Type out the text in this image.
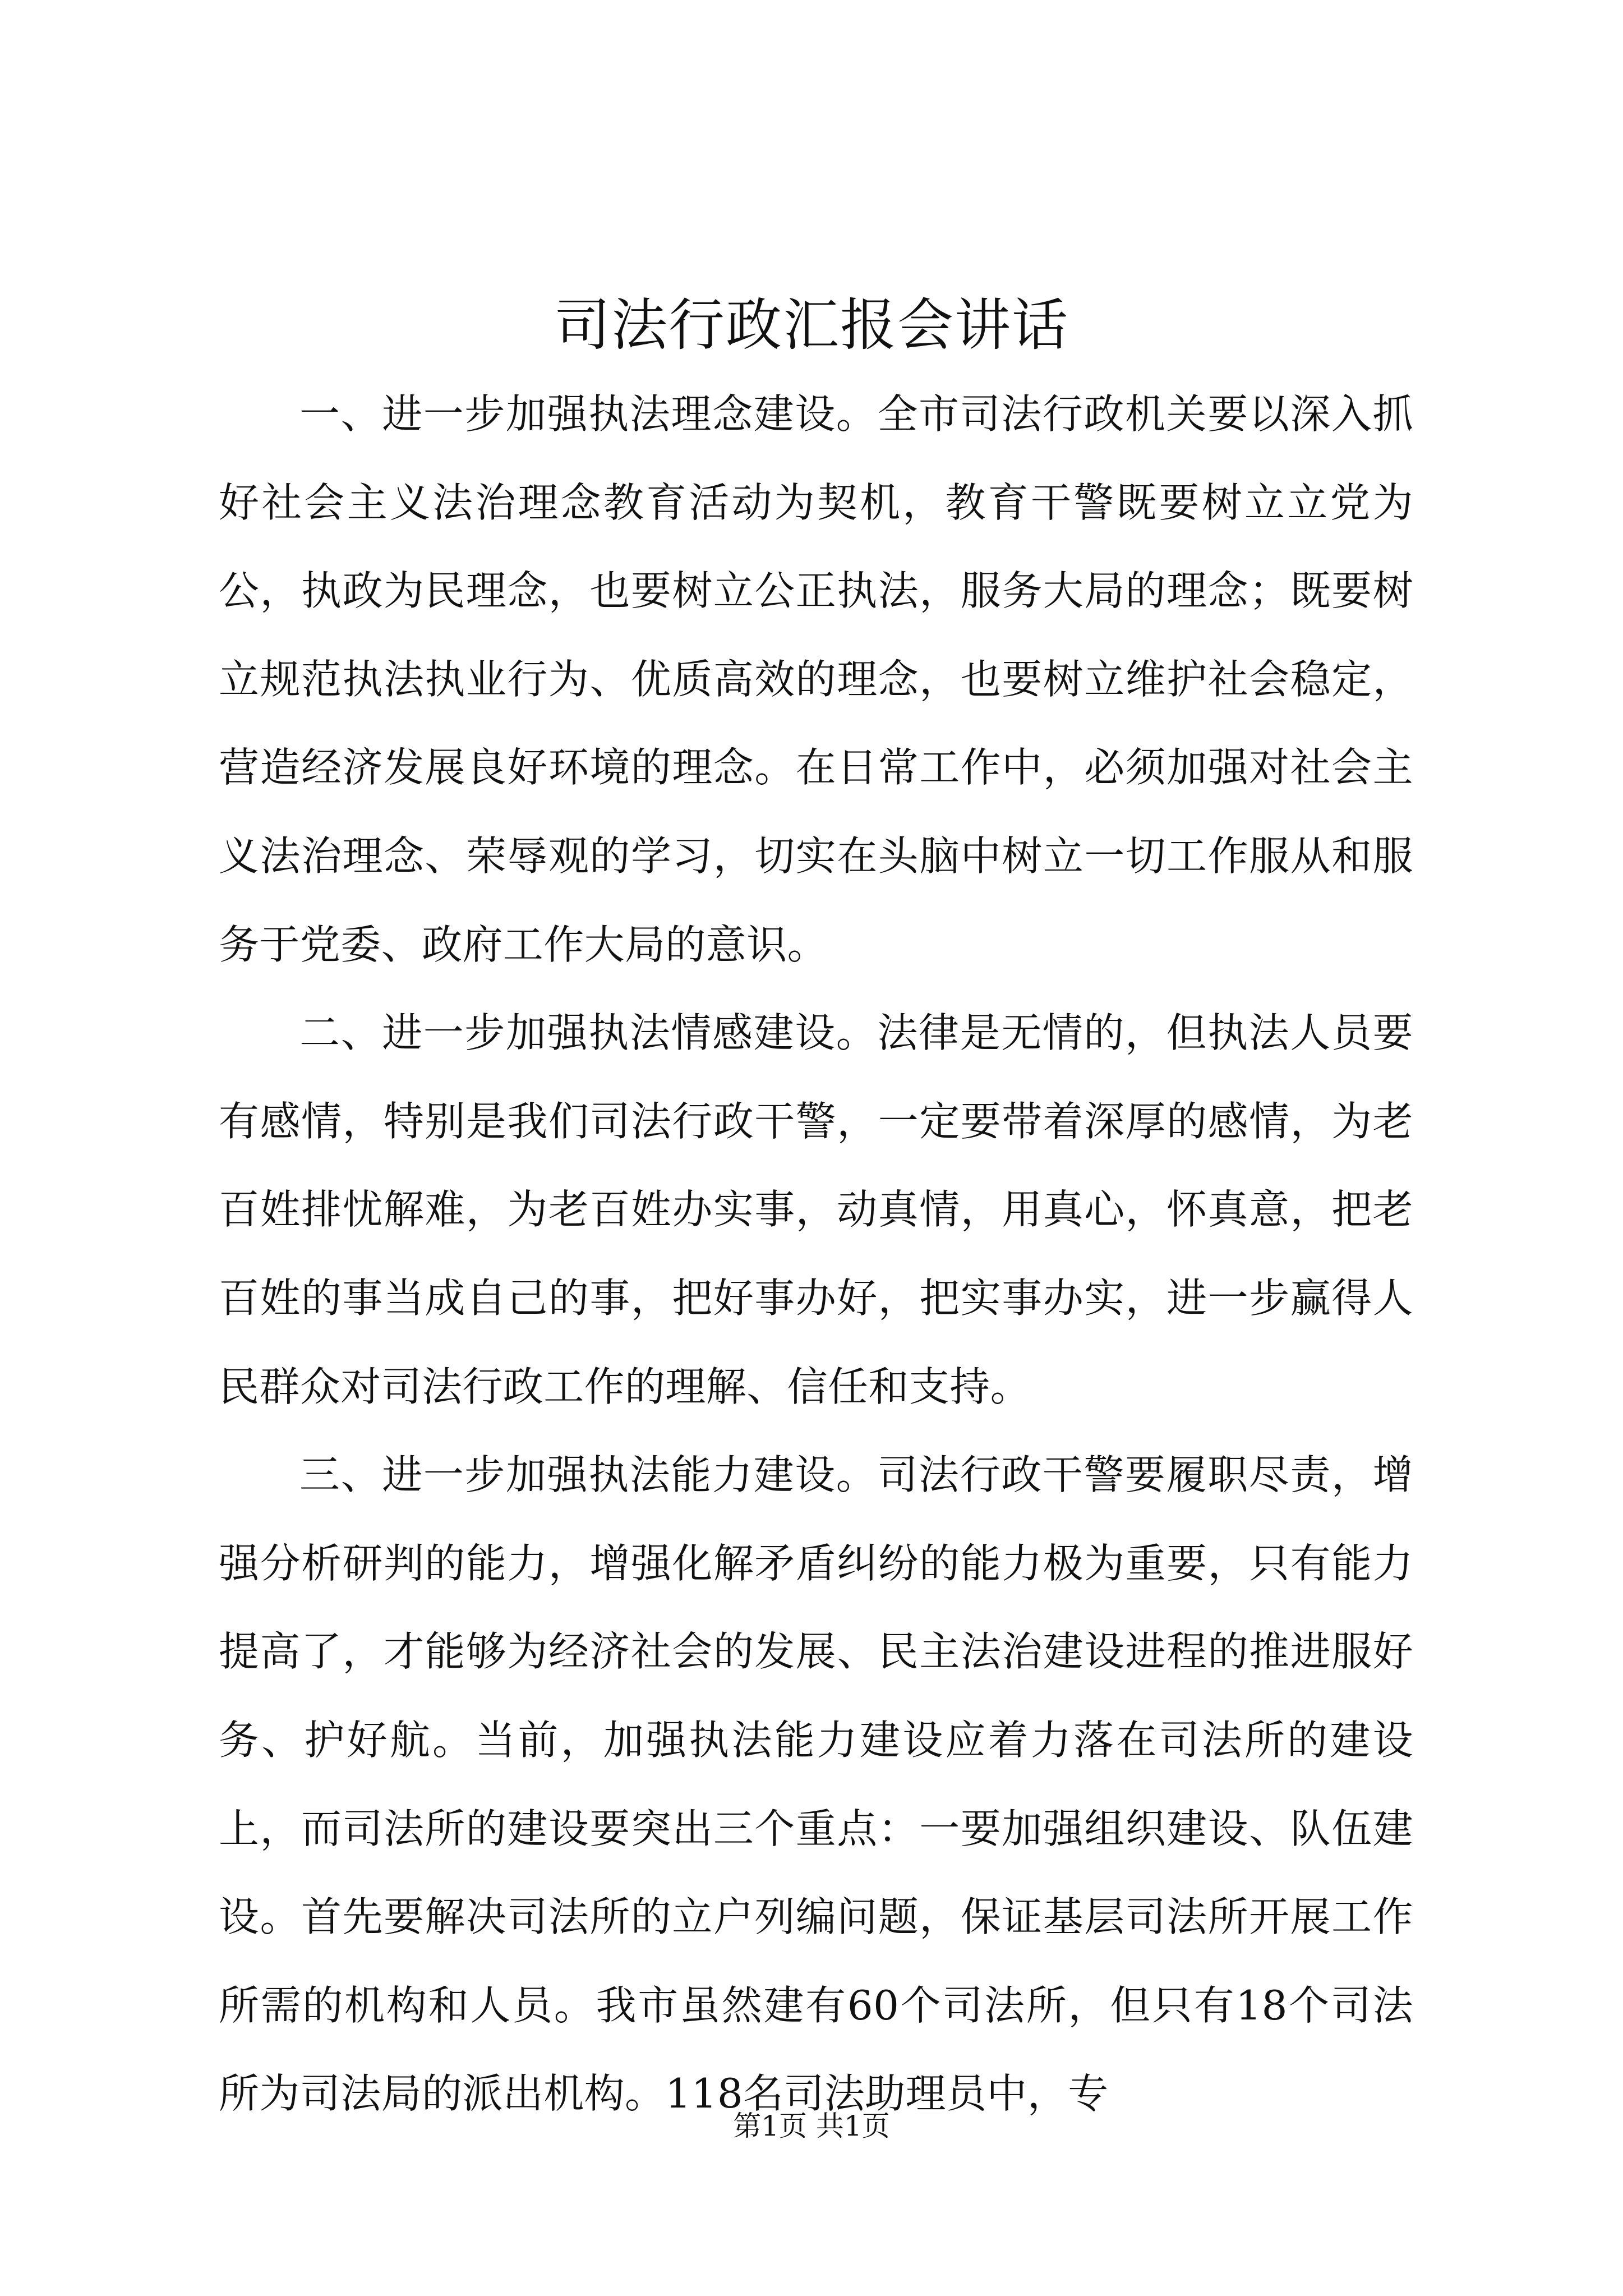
司法行政汇报会讲话

一、进一步加强执法理念建设。全市司法行政机关要以深入抓好社会主义法治理念教育活动为契机，教育干警既要树立立党为公，执政为民理念，也要树立公正执法，服务大局的理念；既要树立规范执法执业行为、优质高效的理念，也要树立维护社会稳定，营造经济发展良好环境的理念。在日常工作中，必须加强对社会主义法治理念、荣辱观的学习，切实在头脑中树立一切工作服从和服务于党委、政府工作大局的意识。

二、进一步加强执法情感建设。法律是无情的，但执法人员要有感情，特别是我们司法行政干警，一定要带着深厚的感情，为老百姓排忧解难，为老百姓办实事，动真情，用真心，怀真意，把老百姓的事当成自己的事，把好事办好，把实事办实，进一步赢得人民群众对司法行政工作的理解、信任和支持。

三、进一步加强执法能力建设。司法行政干警要履职尽责，增强分析研判的能力，增强化解矛盾纠纷的能力极为重要，只有能力提高了，才能够为经济社会的发展、民主法治建设进程的推进服好务、护好航。当前，加强执法能力建设应着力落在司法所的建设上，而司法所的建设要突出三个重点：一要加强组织建设、队伍建设。首先要解决司法所的立户列编问题，保证基层司法所开展工作所需的机构和人员。我市虽然建有60个司法所，但只有18个司法所为司法局的派出机构。118名司法助理员中，专

第1页 共1页
